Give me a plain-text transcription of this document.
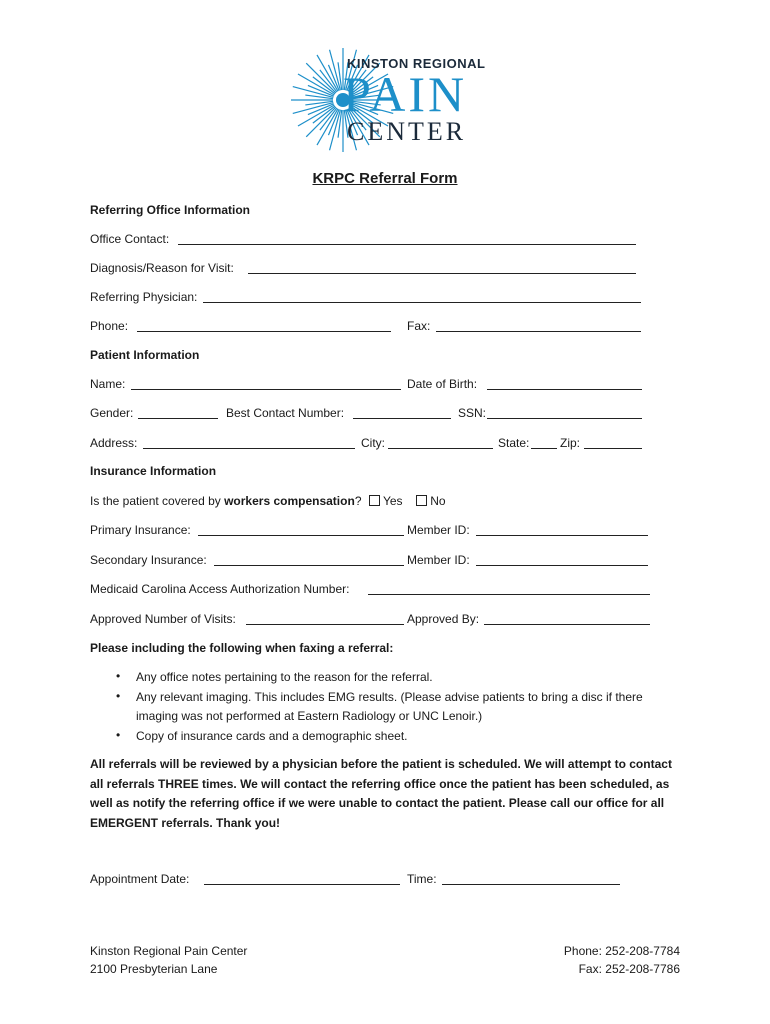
KINSTON REGIONAL
PAIN
CENTER
KRPC Referral Form
Referring Office Information
Office Contact:
Diagnosis/Reason for Visit:
Referring Physician:
Phone:	Fax:
Patient Information
Name:	Date of Birth:
Gender:	Best Contact Number:	SSN:
Address:	City:	State:	Zip:
Insurance Information
Is the patient covered by workers compensation? Yes No
Primary Insurance:	Member ID:
Secondary Insurance:	Member ID:
Medicaid Carolina Access Authorization Number:
Approved Number of Visits:	Approved By:
Please including the following when faxing a referral:
• Any office notes pertaining to the reason for the referral.
• Any relevant imaging. This includes EMG results. (Please advise patients to bring a disc if there
imaging was not performed at Eastern Radiology or UNC Lenoir.)
• Copy of insurance cards and a demographic sheet.
All referrals will be reviewed by a physician before the patient is scheduled. We will attempt to contact
all referrals THREE times. We will contact the referring office once the patient has been scheduled, as
well as notify the referring office if we were unable to contact the patient. Please call our office for all
EMERGENT referrals. Thank you!
Appointment Date:	Time:
Kinston Regional Pain Center
2100 Presbyterian Lane
Phone: 252-208-7784
Fax: 252-208-7786
